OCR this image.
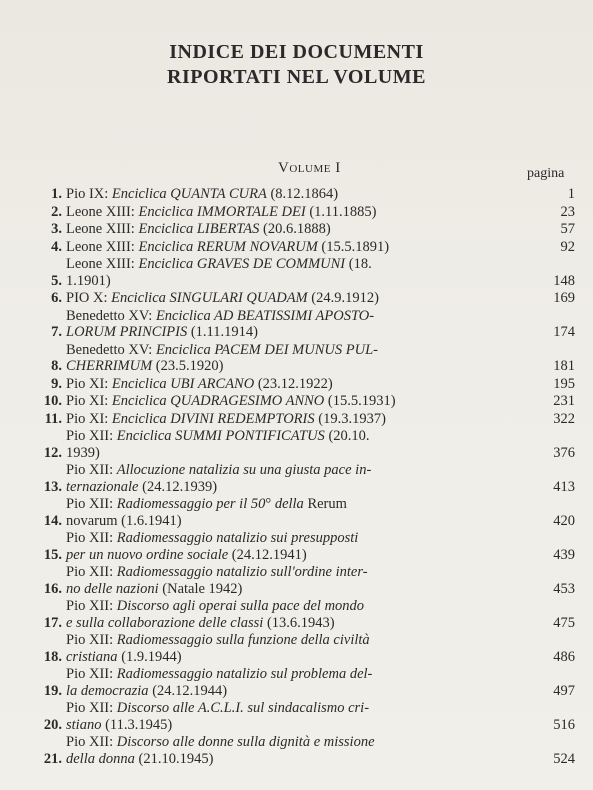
INDICE DEI DOCUMENTI
RIPORTATI NEL VOLUME
Volume I	pagina
1. Pio IX: Enciclica QUANTA CURA (8.12.1864)	1
2. Leone XIII: Enciclica IMMORTALE DEI (1.11.1885)	23
3. Leone XIII: Enciclica LIBERTAS (20.6.1888)	57
4. Leone XIII: Enciclica RERUM NOVARUM (15.5.1891)	92
5.
Leone XIII: Enciclica GRAVES DE COMMUNI (18.
1.1901)	148
6. PIO X: Enciclica SINGULARI QUADAM (24.9.1912)	169
7.
Benedetto XV: Enciclica AD BEATISSIMI APOSTO-
LORUM PRINCIPIS (1.11.1914)	174
8.
Benedetto XV: Enciclica PACEM DEI MUNUS PUL-
CHERRIMUM (23.5.1920)	181
9. Pio XI: Enciclica UBI ARCANO (23.12.1922)	195
10. Pio XI: Enciclica QUADRAGESIMO ANNO (15.5.1931)	231
11. Pio XI: Enciclica DIVINI REDEMPTORIS (19.3.1937)	322
12.
Pio XII: Enciclica SUMMI PONTIFICATUS (20.10.
1939)	376
13.
Pio XII: Allocuzione natalizia su una giusta pace in-
ternazionale (24.12.1939)	413
14.
Pio XII: Radiomessaggio per il 50° della Rerum
novarum (1.6.1941)	420
15.
Pio XII: Radiomessaggio natalizio sui presupposti
per un nuovo ordine sociale (24.12.1941)	439
16.
Pio XII: Radiomessaggio natalizio sull'ordine inter-
no delle nazioni (Natale 1942)	453
17.
Pio XII: Discorso agli operai sulla pace del mondo
e sulla collaborazione delle classi (13.6.1943)	475
18.
Pio XII: Radiomessaggio sulla funzione della civiltà
cristiana (1.9.1944)	486
19.
Pio XII: Radiomessaggio natalizio sul problema del-
la democrazia (24.12.1944)	497
20.
Pio XII: Discorso alle A.C.L.I. sul sindacalismo cri-
stiano (11.3.1945)	516
21.
Pio XII: Discorso alle donne sulla dignità e missione
della donna (21.10.1945)	524
